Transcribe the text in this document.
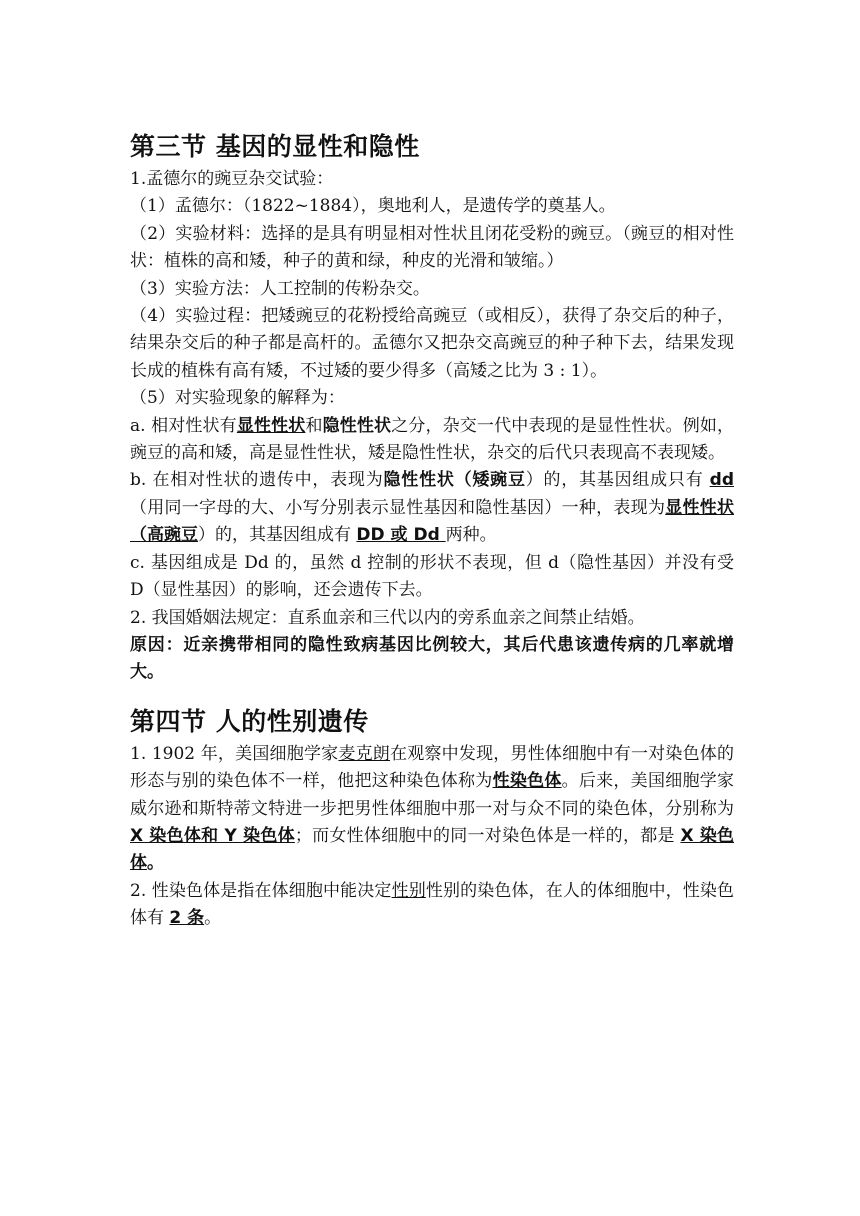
第三节 基因的显性和隐性

1.孟德尔的豌豆杂交试验：

（1）孟德尔：（1822~1884），奥地利人，是遗传学的奠基人。

（2）实验材料：选择的是具有明显相对性状且闭花受粉的豌豆。（豌豆的相对性状：植株的高和矮，种子的黄和绿，种皮的光滑和皱缩。）

（3）实验方法：人工控制的传粉杂交。

（4）实验过程：把矮豌豆的花粉授给高豌豆（或相反），获得了杂交后的种子，结果杂交后的种子都是高杆的。孟德尔又把杂交高豌豆的种子种下去，结果发现长成的植株有高有矮，不过矮的要少得多（高矮之比为 3 : 1）。

（5）对实验现象的解释为：

a. 相对性状有显性性状和隐性性状之分，杂交一代中表现的是显性性状。例如，豌豆的高和矮，高是显性性状，矮是隐性性状，杂交的后代只表现高不表现矮。

b. 在相对性状的遗传中，表现为隐性性状（矮豌豆）的，其基因组成只有 dd（用同一字母的大、小写分别表示显性基因和隐性基因）一种，表现为显性性状（高豌豆）的，其基因组成有 DD 或 Dd 两种。

c. 基因组成是 Dd 的，虽然 d 控制的形状不表现，但 d（隐性基因）并没有受 D（显性基因）的影响，还会遗传下去。

2. 我国婚姻法规定：直系血亲和三代以内的旁系血亲之间禁止结婚。

原因：近亲携带相同的隐性致病基因比例较大，其后代患该遗传病的几率就增大。

第四节 人的性别遗传

1. 1902 年，美国细胞学家麦克朗在观察中发现，男性体细胞中有一对染色体的形态与别的染色体不一样，他把这种染色体称为性染色体。后来，美国细胞学家威尔逊和斯特蒂文特进一步把男性体细胞中那一对与众不同的染色体，分别称为 X 染色体和 Y 染色体；而女性体细胞中的同一对染色体是一样的，都是 X 染色体。

2. 性染色体是指在体细胞中能决定性别性别的染色体，在人的体细胞中，性染色体有 2 条。
